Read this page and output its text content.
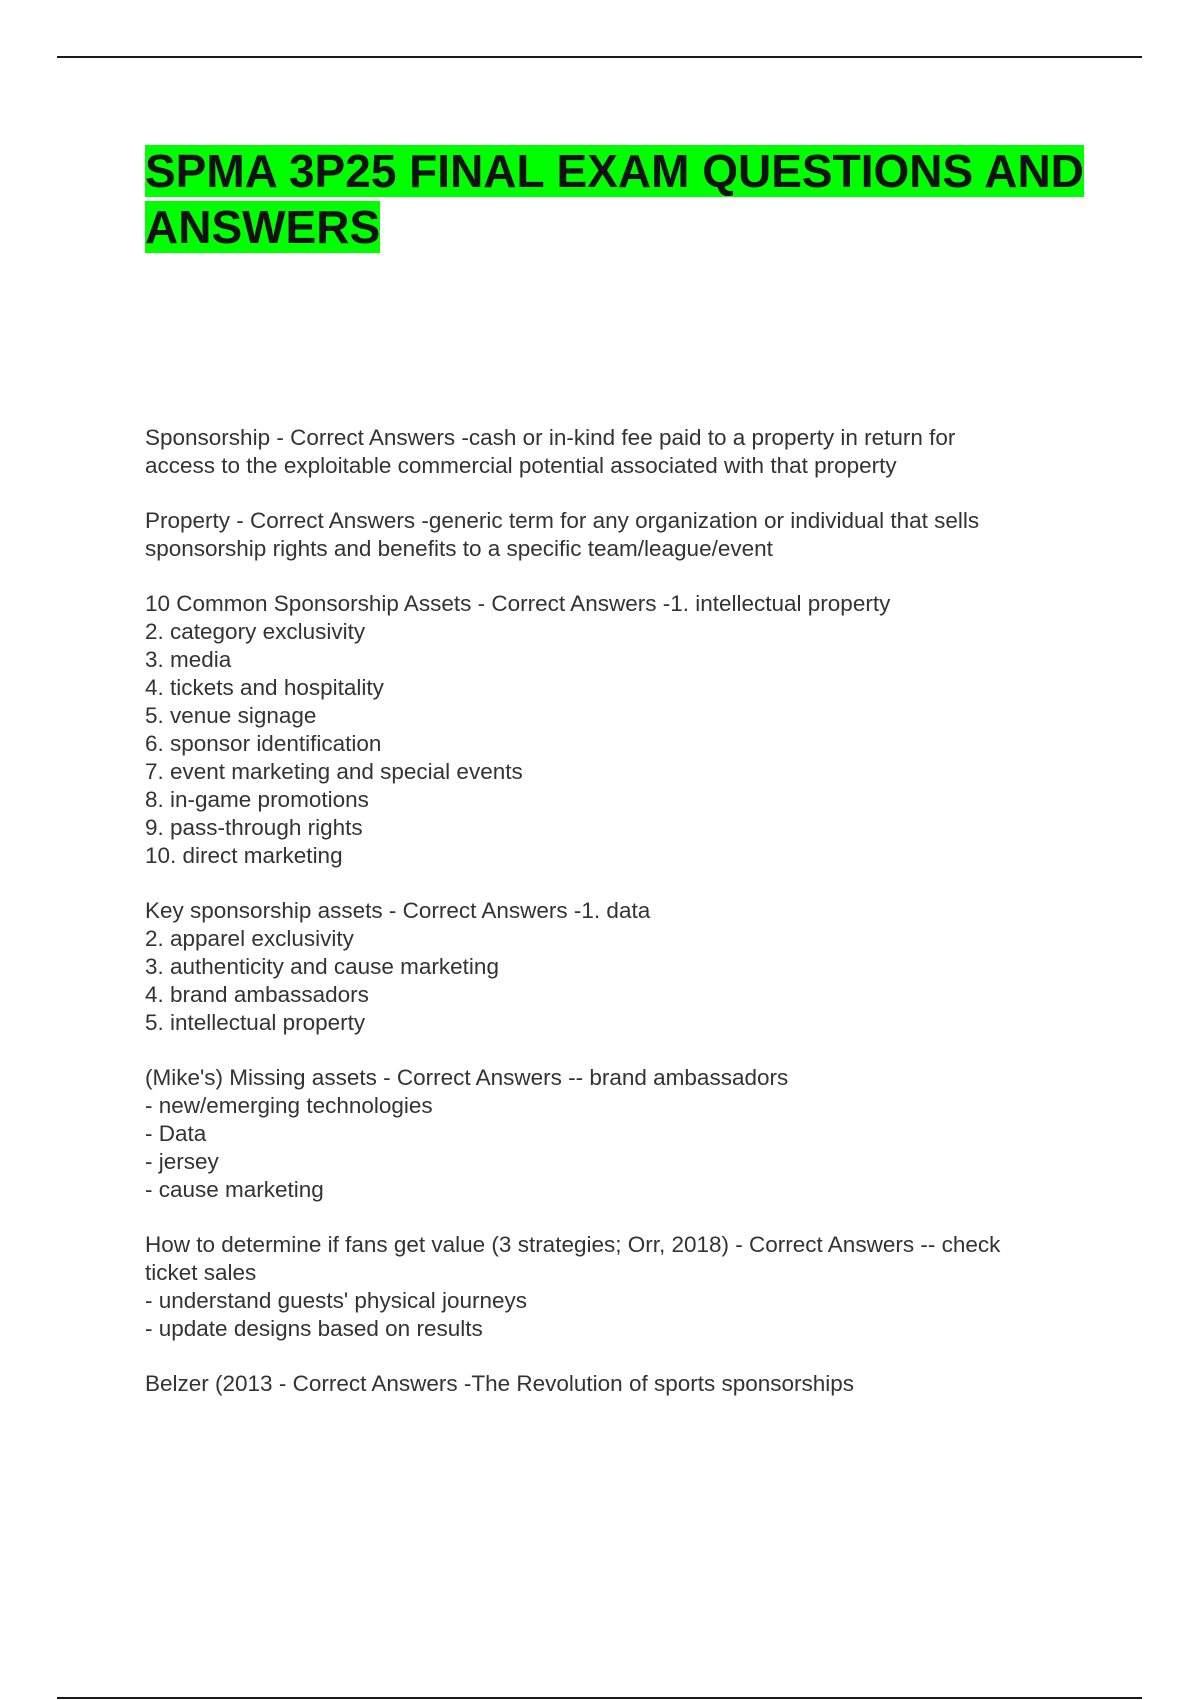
SPMA 3P25 FINAL EXAM QUESTIONS AND ANSWERS

Sponsorship - Correct Answers -cash or in-kind fee paid to a property in return for
access to the exploitable commercial potential associated with that property

Property - Correct Answers -generic term for any organization or individual that sells
sponsorship rights and benefits to a specific team/league/event

10 Common Sponsorship Assets - Correct Answers -1. intellectual property
2. category exclusivity
3. media
4. tickets and hospitality
5. venue signage
6. sponsor identification
7. event marketing and special events
8. in-game promotions
9. pass-through rights
10. direct marketing

Key sponsorship assets - Correct Answers -1. data
2. apparel exclusivity
3. authenticity and cause marketing
4. brand ambassadors
5. intellectual property

(Mike's) Missing assets - Correct Answers -- brand ambassadors
- new/emerging technologies
- Data
- jersey
- cause marketing

How to determine if fans get value (3 strategies; Orr, 2018) - Correct Answers -- check
ticket sales
- understand guests' physical journeys
- update designs based on results

Belzer (2013 - Correct Answers -The Revolution of sports sponsorships
